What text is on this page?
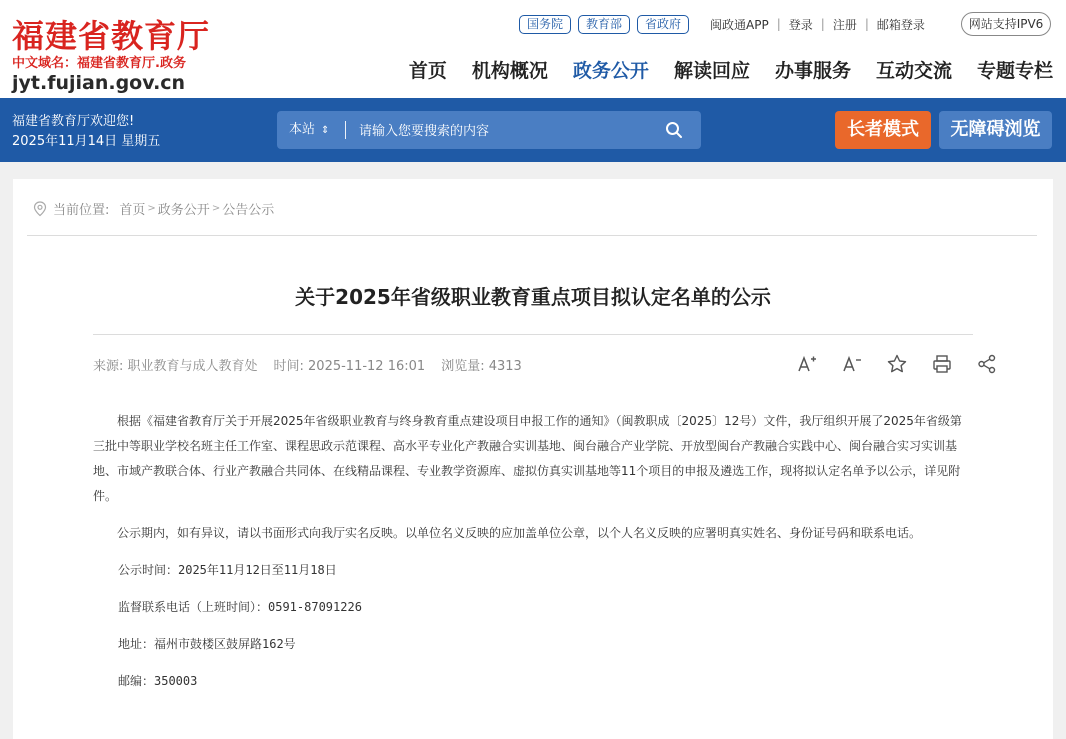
福建省教育厅
中文域名：福建省教育厅.政务
jyt.fujian.gov.cn
国务院	教育部	省政府	闽政通APP | 登录 | 注册 | 邮箱登录	网站支持IPV6
首页 机构概况 政务公开 解读回应 办事服务 互动交流 专题专栏
福建省教育厅欢迎您!
2025年11月14日 星期五
本站 ⇕
请输入您要搜索的内容	长者模式	无障碍浏览
当前位置: 首页 > 政务公开 > 公告公示
关于2025年省级职业教育重点项目拟认定名单的公示
来源: 职业教育与成人教育处 时间: 2025-11-12 16:01 浏览量: 4313

根据《福建省教育厅关于开展2025年省级职业教育与终身教育重点建设项目申报工作的通知》（闽教职成〔2025〕12号）文件，我厅组织开展了2025年省级第三批中等职业学校名班主任工作室、课程思政示范课程、高水平专业化产教融合实训基地、闽台融合产业学院、开放型闽台产教融合实践中心、闽台融合实习实训基地、市域产教联合体、行业产教融合共同体、在线精品课程、专业教学资源库、虚拟仿真实训基地等11个项目的申报及遴选工作，现将拟认定名单予以公示，详见附件。

公示期内，如有异议，请以书面形式向我厅实名反映。以单位名义反映的应加盖单位公章，以个人名义反映的应署明真实姓名、身份证号码和联系电话。

公示时间：2025年11月12日至11月18日

监督联系电话（上班时间）：0591-87091226

地址：福州市鼓楼区鼓屏路162号

邮编：350003
